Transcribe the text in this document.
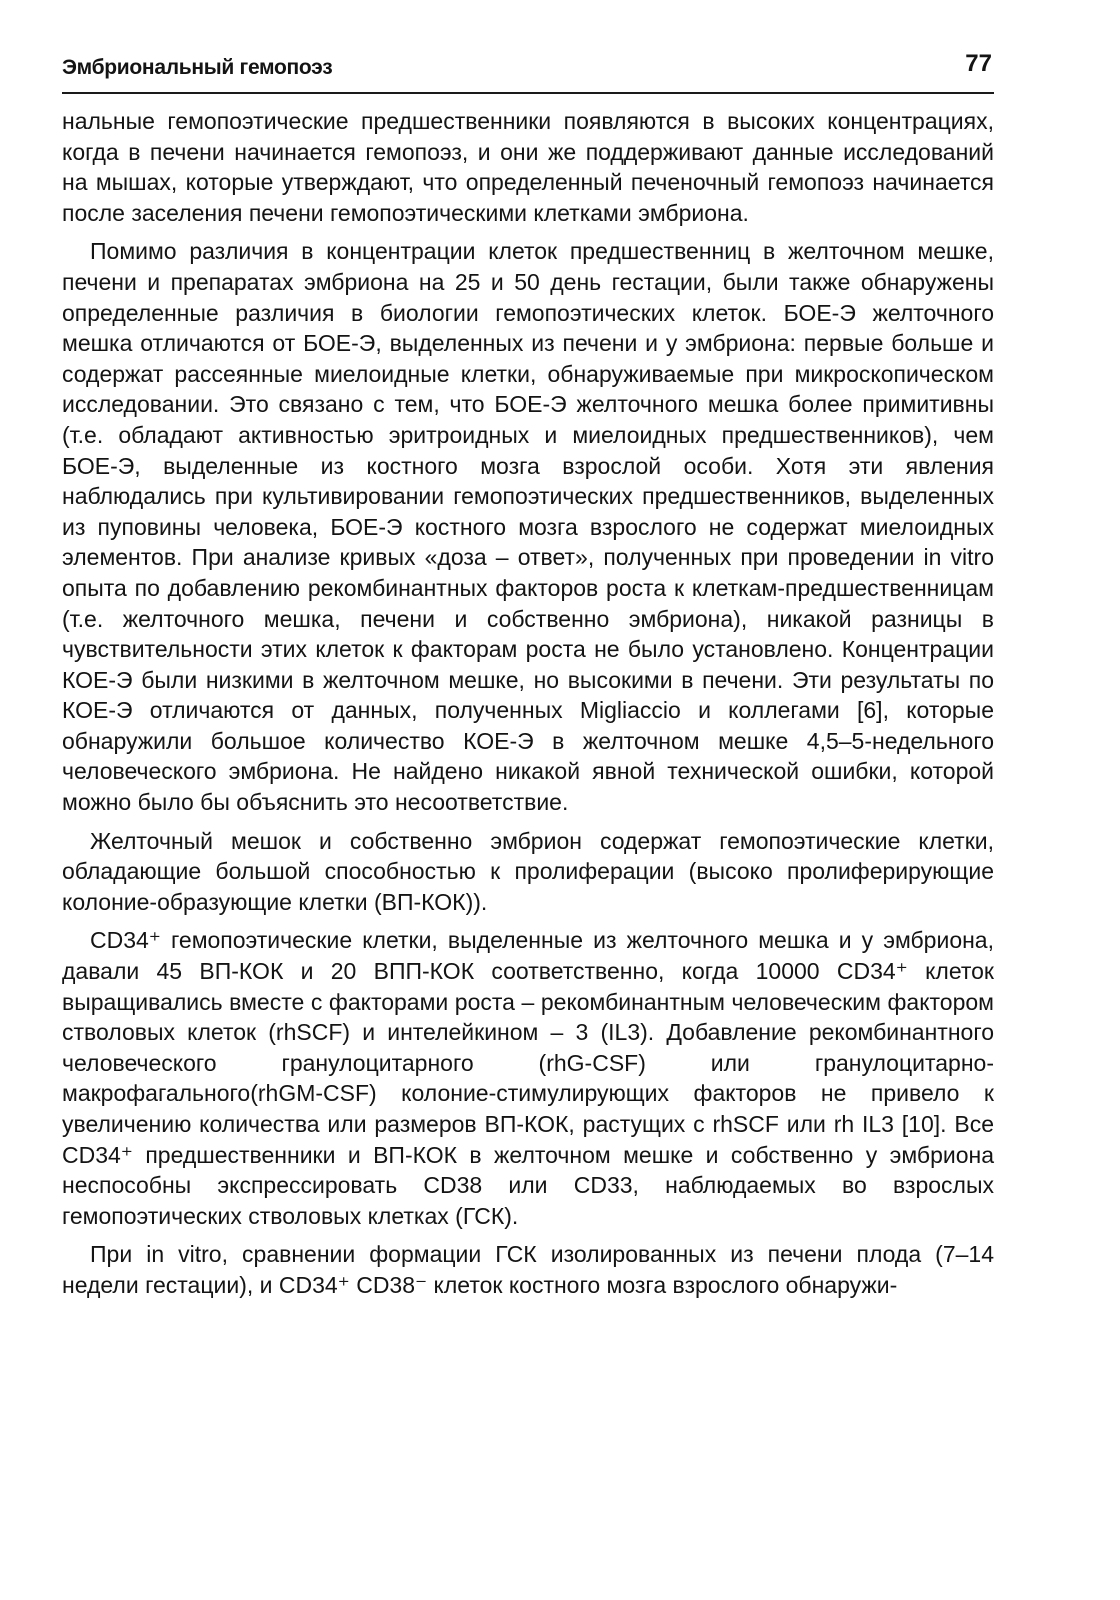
Эмбриональный гемопоэз	77

нальные гемопоэтические предшественники появляются в высоких концентрациях, когда в печени начинается гемопоэз, и они же поддерживают данные исследований на мышах, которые утверждают, что определенный печеночный гемопоэз начинается после заселения печени гемопоэтическими клетками эмбриона.

Помимо различия в концентрации клеток предшественниц в желточном мешке, печени и препаратах эмбриона на 25 и 50 день гестации, были также обнаружены определенные различия в биологии гемопоэтических клеток. БОЕ-Э желточного мешка отличаются от БОЕ-Э, выделенных из печени и у эмбриона: первые больше и содержат рассеянные миелоидные клетки, обнаруживаемые при микроскопическом исследовании. Это связано с тем, что БОЕ-Э желточного мешка более примитивны (т.е. обладают активностью эритроидных и миелоидных предшественников), чем БОЕ-Э, выделенные из костного мозга взрослой особи. Хотя эти явления наблюдались при культивировании гемопоэтических предшественников, выделенных из пуповины человека, БОЕ-Э костного мозга взрослого не содержат миелоидных элементов. При анализе кривых «доза – ответ», полученных при проведении in vitro опыта по добавлению рекомбинантных факторов роста к клеткам-предшественницам (т.е. желточного мешка, печени и собственно эмбриона), никакой разницы в чувствительности этих клеток к факторам роста не было установлено. Концентрации КОЕ-Э были низкими в желточном мешке, но высокими в печени. Эти результаты по КОЕ-Э отличаются от данных, полученных Migliaccio и коллегами [6], которые обнаружили большое количество КОЕ-Э в желточном мешке 4,5–5-недельного человеческого эмбриона. Не найдено никакой явной технической ошибки, которой можно было бы объяснить это несоответствие.

Желточный мешок и собственно эмбрион содержат гемопоэтические клетки, обладающие большой способностью к пролиферации (высоко пролиферирующие колоние-образующие клетки (ВП-КОК)).

CD34⁺ гемопоэтические клетки, выделенные из желточного мешка и у эмбриона, давали 45 ВП-КОК и 20 ВПП-КОК соответственно, когда 10000 CD34⁺ клеток выращивались вместе с факторами роста – рекомбинантным человеческим фактором стволовых клеток (rhSCF) и интелейкином – 3 (IL3). Добавление рекомбинантного человеческого гранулоцитарного (rhG-CSF) или гранулоцитарно-макрофагального(rhGM-CSF) колоние-стимулирующих факторов не привело к увеличению количества или размеров ВП-КОК, растущих с rhSCF или rh IL3 [10]. Все CD34⁺ предшественники и ВП-КОК в желточном мешке и собственно у эмбриона неспособны экспрессировать CD38 или CD33, наблюдаемых во взрослых гемопоэтических стволовых клетках (ГСК).

При in vitro, сравнении формации ГСК изолированных из печени плода (7–14 недели гестации), и CD34⁺ CD38⁻ клеток костного мозга взрослого обнаружи-
